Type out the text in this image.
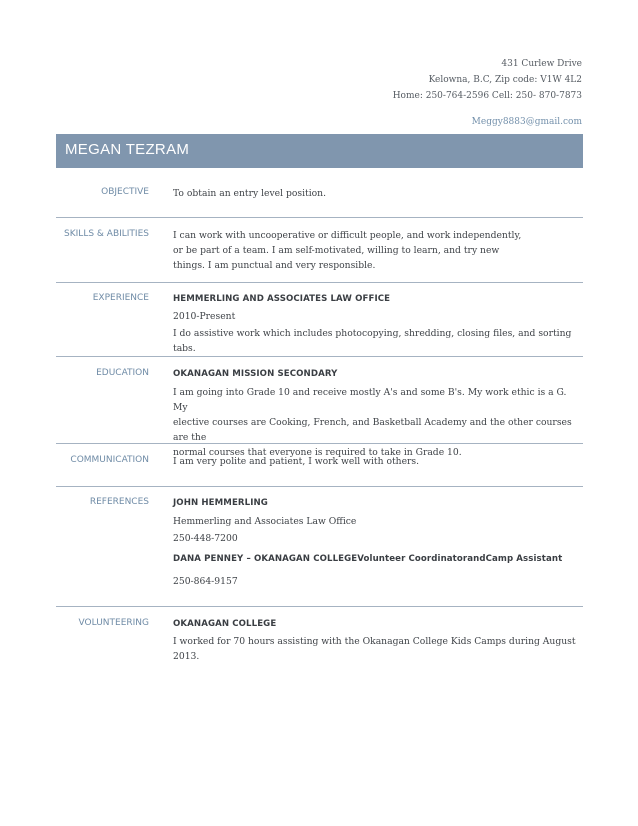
431 Curlew Drive
Kelowna, B.C, Zip code: V1W 4L2
Home: 250-764-2596 Cell: 250- 870-7873
Meggy8883@gmail.com
MEGAN TEZRAM
OBJECTIVE	To obtain an entry level position.
SKILLS & ABILITIES	I can work with uncooperative or difficult people, and work independently,
or be part of a team. I am self-motivated, willing to learn, and try new
things. I am punctual and very responsible.
EXPERIENCE	HEMMERLING AND ASSOCIATES LAW OFFICE
2010-Present
I do assistive work which includes photocopying, shredding, closing files, and sorting tabs.
EDUCATION	OKANAGAN MISSION SECONDARY
I am going into Grade 10 and receive mostly A's and some B's. My work ethic is a G. My
elective courses are Cooking, French, and Basketball Academy and the other courses are the
normal courses that everyone is required to take in Grade 10.
COMMUNICATION	I am very polite and patient, I work well with others.
REFERENCES	JOHN HEMMERLING
Hemmerling and Associates Law Office
250-448-7200
DANA PENNEY – OKANAGAN COLLEGEVolunteer CoordinatorandCamp Assistant
250-864-9157
VOLUNTEERING	OKANAGAN COLLEGE
I worked for 70 hours assisting with the Okanagan College Kids Camps during August 2013.
